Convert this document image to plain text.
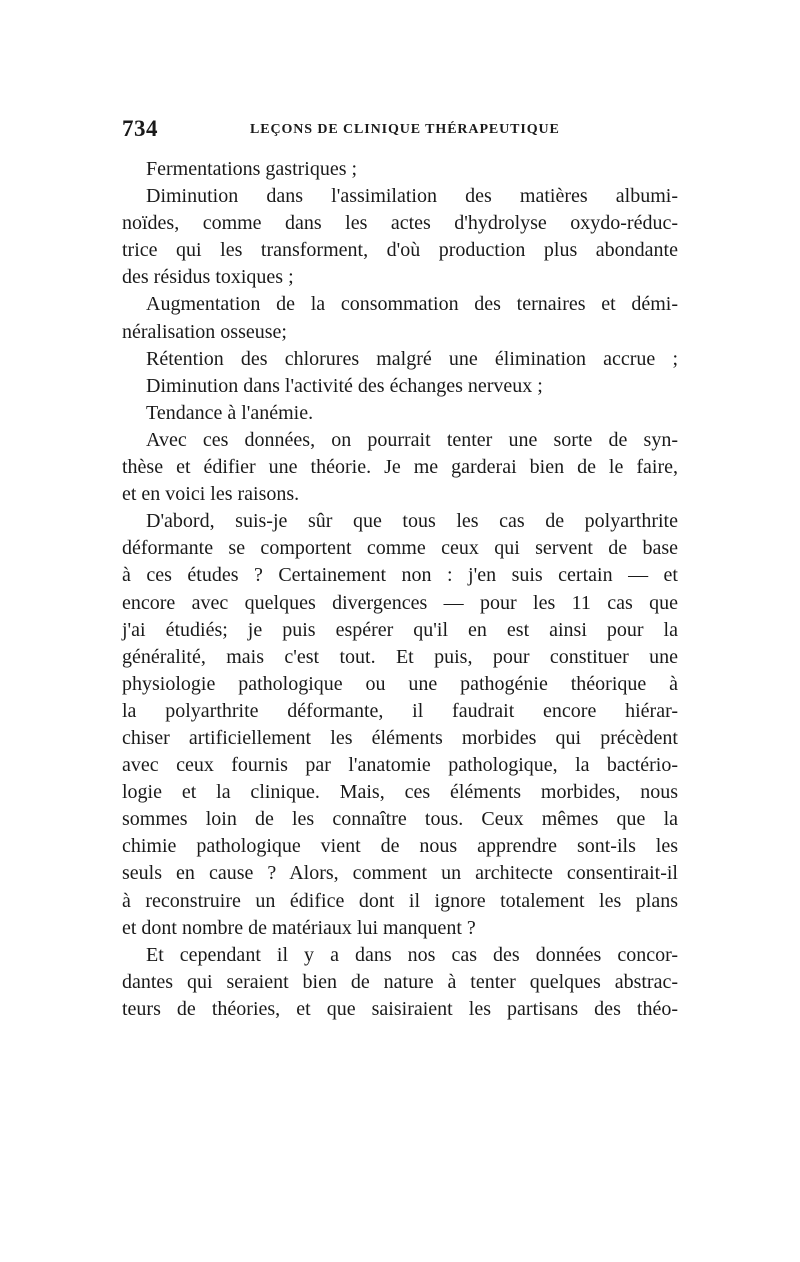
734	LEÇONS DE CLINIQUE THÉRAPEUTIQUE
Fermentations gastriques ;
Diminution dans l'assimilation des matières albumi-
noïdes, comme dans les actes d'hydrolyse oxydo-réduc-
trice qui les transforment, d'où production plus abondante
des résidus toxiques ;
Augmentation de la consommation des ternaires et démi-
néralisation osseuse;
Rétention des chlorures malgré une élimination accrue ;
Diminution dans l'activité des échanges nerveux ;
Tendance à l'anémie.
Avec ces données, on pourrait tenter une sorte de syn-
thèse et édifier une théorie. Je me garderai bien de le faire,
et en voici les raisons.
D'abord, suis-je sûr que tous les cas de polyarthrite
déformante se comportent comme ceux qui servent de base
à ces études ? Certainement non : j'en suis certain — et
encore avec quelques divergences — pour les 11 cas que
j'ai étudiés; je puis espérer qu'il en est ainsi pour la
généralité, mais c'est tout. Et puis, pour constituer une
physiologie pathologique ou une pathogénie théorique à
la polyarthrite déformante, il faudrait encore hiérar-
chiser artificiellement les éléments morbides qui précèdent
avec ceux fournis par l'anatomie pathologique, la bactério-
logie et la clinique. Mais, ces éléments morbides, nous
sommes loin de les connaître tous. Ceux mêmes que la
chimie pathologique vient de nous apprendre sont-ils les
seuls en cause ? Alors, comment un architecte consentirait-il
à reconstruire un édifice dont il ignore totalement les plans
et dont nombre de matériaux lui manquent ?
Et cependant il y a dans nos cas des données concor-
dantes qui seraient bien de nature à tenter quelques abstrac-
teurs de théories, et que saisiraient les partisans des théo-
